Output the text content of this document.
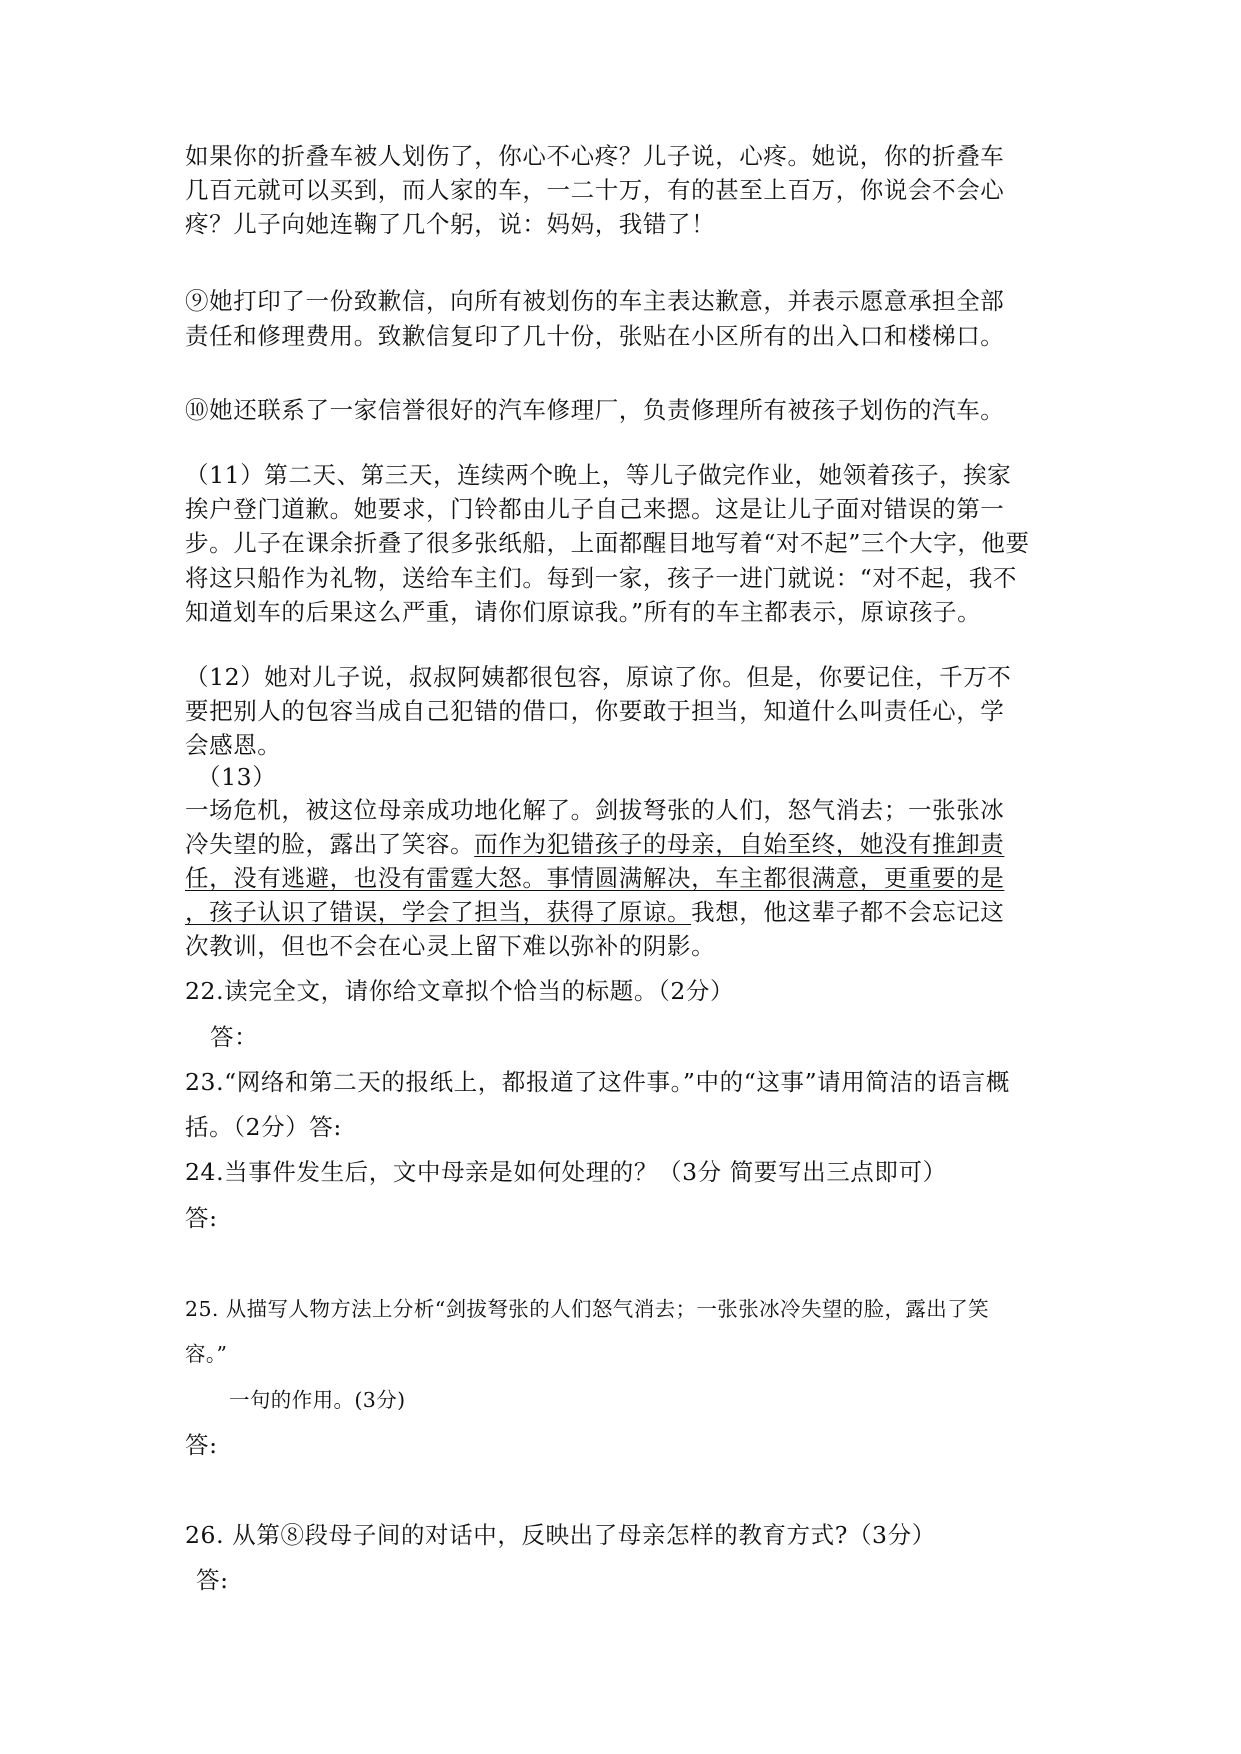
如果你的折叠车被人划伤了，你心不心疼？儿子说，心疼。她说，你的折叠车
几百元就可以买到，而人家的车，一二十万，有的甚至上百万，你说会不会心
疼？儿子向她连鞠了几个躬，说：妈妈，我错了！
⑨她打印了一份致歉信，向所有被划伤的车主表达歉意，并表示愿意承担全部
责任和修理费用。致歉信复印了几十份，张贴在小区所有的出入口和楼梯口。
⑩她还联系了一家信誉很好的汽车修理厂，负责修理所有被孩子划伤的汽车。
（11）第二天、第三天，连续两个晚上，等儿子做完作业，她领着孩子，挨家
挨户登门道歉。她要求，门铃都由儿子自己来摁。这是让儿子面对错误的第一
步。儿子在课余折叠了很多张纸船，上面都醒目地写着“对不起”三个大字，他要
将这只船作为礼物，送给车主们。每到一家，孩子一进门就说：“对不起，我不
知道划车的后果这么严重，请你们原谅我。”所有的车主都表示，原谅孩子。
（12）她对儿子说，叔叔阿姨都很包容，原谅了你。但是，你要记住，千万不
要把别人的包容当成自己犯错的借口，你要敢于担当，知道什么叫责任心，学
会感恩。
（13）
一场危机，被这位母亲成功地化解了。剑拔弩张的人们，怒气消去；一张张冰
冷失望的脸，露出了笑容。而作为犯错孩子的母亲，自始至终，她没有推卸责
任，没有逃避，也没有雷霆大怒。事情圆满解决，车主都很满意，更重要的是
，孩子认识了错误，学会了担当，获得了原谅。我想，他这辈子都不会忘记这
次教训，但也不会在心灵上留下难以弥补的阴影。
22.读完全文，请你给文章拟个恰当的标题。（2分）
答：
23.“网络和第二天的报纸上，都报道了这件事。”中的“这事”请用简洁的语言概
括。（2分）答:
24.当事件发生后，文中母亲是如何处理的？（3分 简要写出三点即可）
答:
25. 从描写人物方法上分析“剑拔弩张的人们怒气消去；一张张冰冷失望的脸，露出了笑
容。”
一句的作用。(3分)
答:
26. 从第⑧段母子间的对话中，反映出了母亲怎样的教育方式?（3分）
答:
